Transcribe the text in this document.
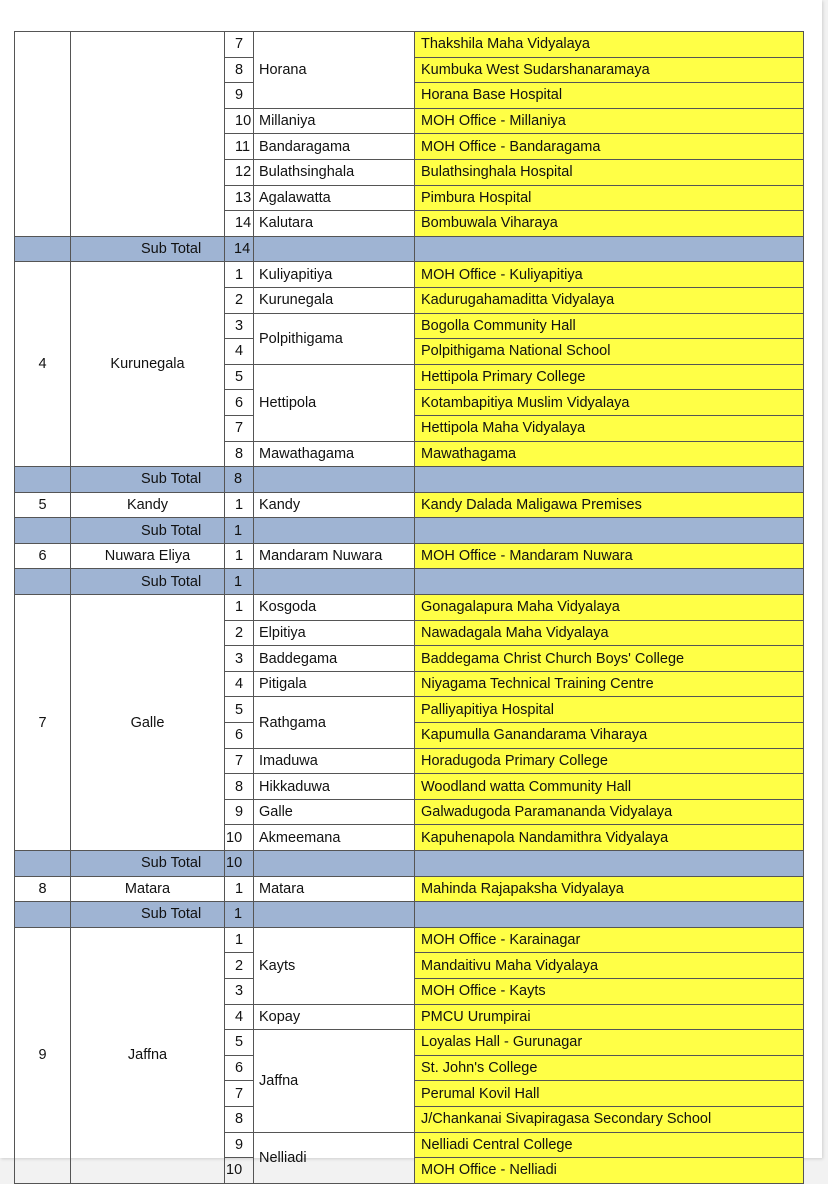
		7	Horana	Thakshila Maha Vidyalaya
		8		Kumbuka West Sudarshanaramaya
		9		Horana Base Hospital
		10	Millaniya	MOH Office - Millaniya
		11	Bandaragama	MOH Office - Bandaragama
		12	Bulathsinghala	Bulathsinghala Hospital
		13	Agalawatta	Pimbura Hospital
		14	Kalutara	Bombuwala Viharaya
	Sub Total	14		
4	Kurunegala	1	Kuliyapitiya	MOH Office - Kuliyapitiya
		2	Kurunegala	Kadurugahamaditta Vidyalaya
		3	Polpithigama	Bogolla Community Hall
		4		Polpithigama National School
		5	Hettipola	Hettipola Primary College
		6		Kotambapitiya Muslim Vidyalaya
		7		Hettipola Maha Vidyalaya
		8	Mawathagama	Mawathagama
	Sub Total	8		
5	Kandy	1	Kandy	Kandy Dalada Maligawa Premises
	Sub Total	1		
6	Nuwara Eliya	1	Mandaram Nuwara	MOH Office - Mandaram Nuwara
	Sub Total	1		
7	Galle	1	Kosgoda	Gonagalapura Maha Vidyalaya
		2	Elpitiya	Nawadagala Maha Vidyalaya
		3	Baddegama	Baddegama Christ Church Boys' College
		4	Pitigala	Niyagama Technical Training Centre
		5	Rathgama	Palliyapitiya Hospital
		6		Kapumulla Ganandarama Viharaya
		7	Imaduwa	Horadugoda Primary College
		8	Hikkaduwa	Woodland watta Community Hall
		9	Galle	Galwadugoda Paramananda Vidyalaya
		10	Akmeemana	Kapuhenapola Nandamithra Vidyalaya
	Sub Total	10		
8	Matara	1	Matara	Mahinda Rajapaksha Vidyalaya
	Sub Total	1		
9	Jaffna	1	Kayts	MOH Office - Karainagar
		2		Mandaitivu Maha Vidyalaya
		3		MOH Office - Kayts
		4	Kopay	PMCU Urumpirai
		5	Jaffna	Loyalas Hall - Gurunagar
		6		St. John's College
		7		Perumal Kovil Hall
		8		J/Chankanai Sivapiragasa Secondary School
		9	Nelliadi	Nelliadi Central College
		10		MOH Office - Nelliadi
